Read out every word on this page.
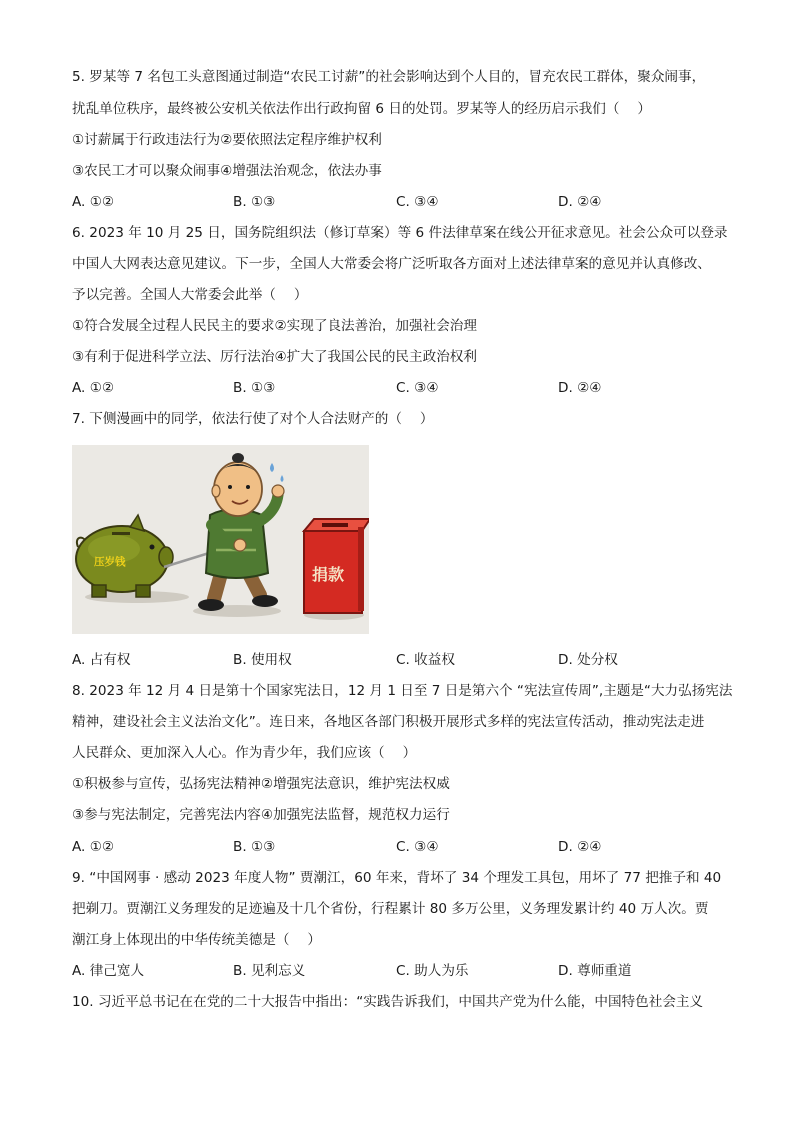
5. 罗某等 7 名包工头意图通过制造“农民工讨薪”的社会影响达到个人目的，冒充农民工群体，聚众闹事，
扰乱单位秩序，最终被公安机关依法作出行政拘留 6 日的处罚。罗某等人的经历启示我们（　 ）
①讨薪属于行政违法行为②要依照法定程序维护权利
③农民工才可以聚众闹事④增强法治观念，依法办事
A. ①②	B. ①③	C. ③④	D. ②④
6. 2023 年 10 月 25 日，国务院组织法（修订草案）等 6 件法律草案在线公开征求意见。社会公众可以登录
中国人大网表达意见建议。下一步，全国人大常委会将广泛听取各方面对上述法律草案的意见并认真修改、
予以完善。全国人大常委会此举（　 ）
①符合发展全过程人民民主的要求②实现了良法善治，加强社会治理
③有利于促进科学立法、厉行法治④扩大了我国公民的民主政治权利
A. ①②	B. ①③	C. ③④	D. ②④
7. 下侧漫画中的同学，依法行使了对个人合法财产的（　 ）
压岁钱
捐款
A. 占有权	B. 使用权	C. 收益权	D. 处分权
8. 2023 年 12 月 4 日是第十个国家宪法日，12 月 1 日至 7 日是第六个 “宪法宣传周”,主题是“大力弘扬宪法
精神，建设社会主义法治文化”。连日来，各地区各部门积极开展形式多样的宪法宣传活动，推动宪法走进
人民群众、更加深入人心。作为青少年，我们应该（　 ）
①积极参与宣传，弘扬宪法精神②增强宪法意识，维护宪法权威
③参与宪法制定，完善宪法内容④加强宪法监督，规范权力运行
A. ①②	B. ①③	C. ③④	D. ②④
9. “中国网事 · 感动 2023 年度人物” 贾潮江，60 年来，背坏了 34 个理发工具包，用坏了 77 把推子和 40
把剃刀。贾潮江义务理发的足迹遍及十几个省份，行程累计 80 多万公里，义务理发累计约 40 万人次。贾
潮江身上体现出的中华传统美德是（　 ）
A. 律己宽人	B. 见利忘义	C. 助人为乐	D. 尊师重道
10. 习近平总书记在在党的二十大报告中指出：“实践告诉我们，中国共产党为什么能，中国特色社会主义
